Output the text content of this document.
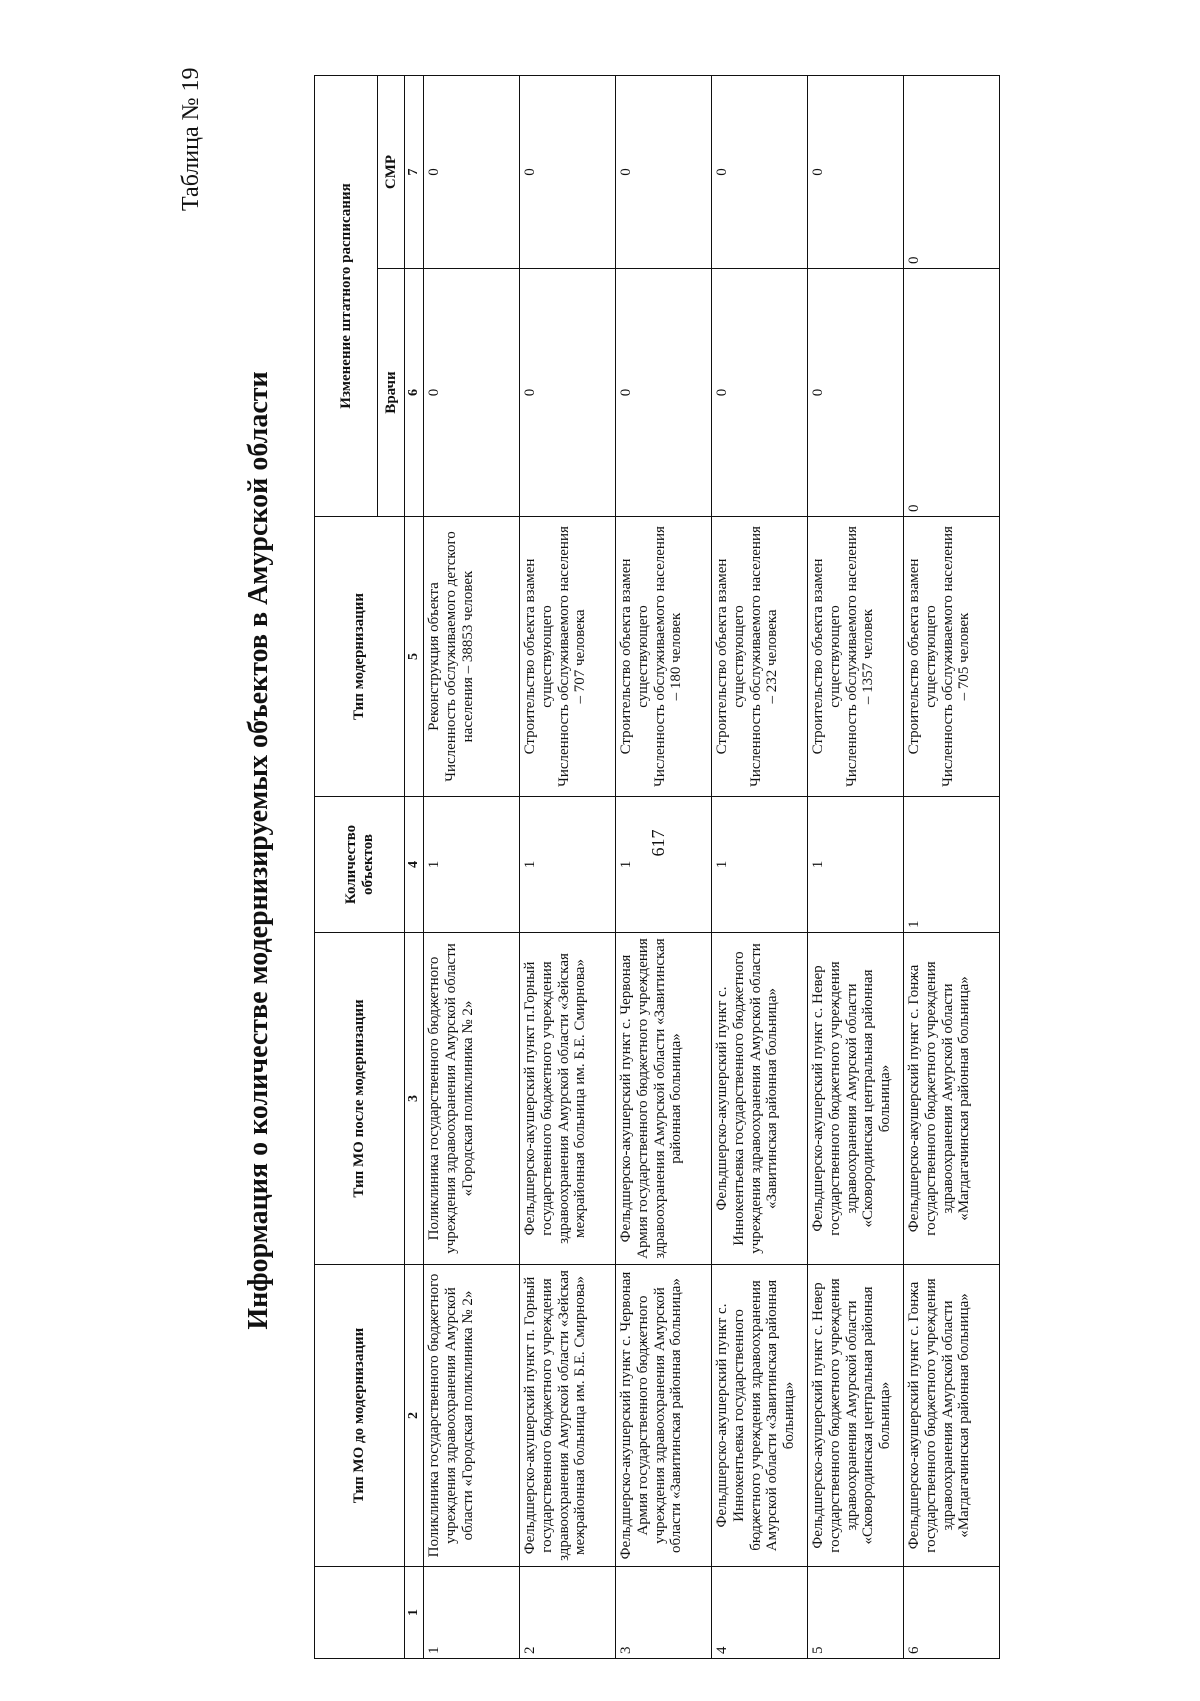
617
Таблица № 19
Информация о количестве модернизируемых объектов в Амурской области
	Тип МО до модернизации	Тип МО после модернизации	Количество объектов	Тип модернизации	Изменение штатного расписания	
					Врачи	СМР
1	2	3	4	5	6	7
1	Поликлиника государственного бюджетного учреждения здравоохранения Амурской области «Городская поликлиника № 2»	Поликлиника государственного бюджетного учреждения здравоохранения Амурской области «Городская поликлиника № 2»	1	Реконструкция объекта Численность обслуживаемого детского населения – 38853 человек	0	0
2	Фельдшерско-акушерский пункт п. Горный государственного бюджетного учреждения здравоохранения Амурской области «Зейская межрайонная больница им. Б.Е. Смирнова»	Фельдшерско-акушерский пункт п.Горный государственного бюджетного учреждения здравоохранения Амурской области «Зейская межрайонная больница им. Б.Е. Смирнова»	1	Строительство объекта взамен существующего Численность обслуживаемого населения – 707 человека	0	0
3	Фельдшерско-акушерский пункт с. Червоная Армия государственного бюджетного учреждения здравоохранения Амурской области «Завитинская районная больница»	Фельдшерско-акушерский пункт с. Червоная Армия государственного бюджетного учреждения здравоохранения Амурской области «Завитинская районная больница»	1	Строительство объекта взамен существующего Численность обслуживаемого населения – 180 человек	0	0
4	Фельдшерско-акушерский пункт с. Иннокентьевка государственного бюджетного учреждения здравоохранения Амурской области «Завитинская районная больница»	Фельдшерско-акушерский пункт с. Иннокентьевка государственного бюджетного учреждения здравоохранения Амурской области «Завитинская районная больница»	1	Строительство объекта взамен существующего Численность обслуживаемого населения – 232 человека	0	0
5	Фельдшерско-акушерский пункт с. Невер государственного бюджетного учреждения здравоохранения Амурской области «Сковородинская центральная районная больница»	Фельдшерско-акушерский пункт с. Невер государственного бюджетного учреждения здравоохранения Амурской области «Сковородинская центральная районная больница»	1	Строительство объекта взамен существующего Численность обслуживаемого населения – 1357 человек	0	0
6	Фельдшерско-акушерский пункт с. Гонжа государственного бюджетного учреждения здравоохранения Амурской области «Магдагачинская районная больница»	Фельдшерско-акушерский пункт с. Гонжа государственного бюджетного учреждения здравоохранения Амурской области «Магдагачинская районная больница»	1	Строительство объекта взамен существующего Численность обслуживаемого населения – 705 человек	0	0
